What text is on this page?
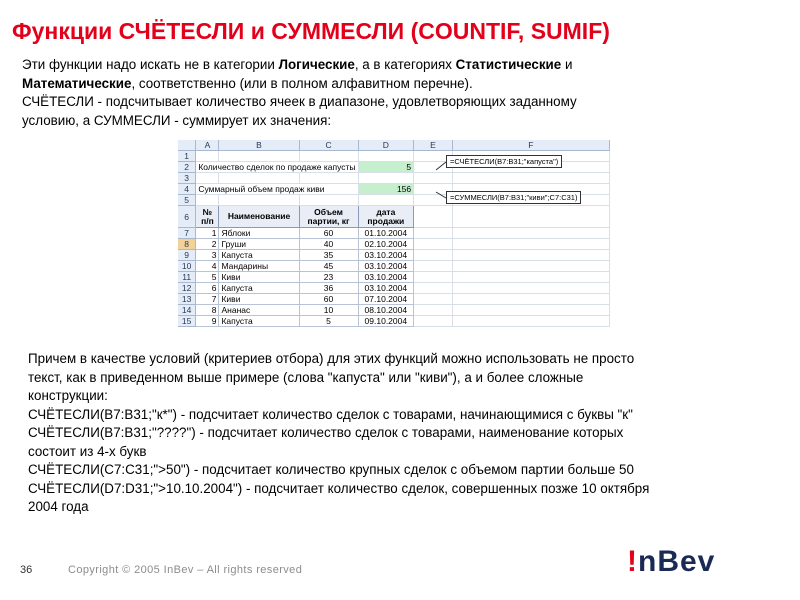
Функции СЧЁТЕСЛИ и СУММЕСЛИ (COUNTIF, SUMIF)

Эти функции надо искать не в категории Логические, а в категориях Статистические и

Математические, соответственно (или в полном алфавитном перечне).

СЧЁТЕСЛИ - подсчитывает количество ячеек в диапазоне, удовлетворяющих заданному

условию, а СУММЕСЛИ - суммирует их значения:

	A	B	C	D	E	F
1						
2	Количество сделок по продаже капусты			5		
3						
4	Суммарный объем продаж киви			156		
5						
6	№ п/п	Наименование	Объем партии, кг	дата продажи		
7	1	Яблоки	60	01.10.2004		
8	2	Груши	40	02.10.2004		
9	3	Капуста	35	03.10.2004		
10	4	Мандарины	45	03.10.2004		
11	5	Киви	23	03.10.2004		
12	6	Капуста	36	03.10.2004		
13	7	Киви	60	07.10.2004		
14	8	Ананас	10	08.10.2004		
15	9	Капуста	5	09.10.2004		
=СЧЁТЕСЛИ(B7:B31;"капуста")
=СУММЕСЛИ(B7:B31;"киви";C7:C31)

Причем в качестве условий (критериев отбора) для этих функций можно использовать не просто

текст, как в приведенном выше примере (слова "капуста" или "киви"), а и более сложные

конструкции:

СЧЁТЕСЛИ(B7:B31;"к*") - подсчитает количество сделок с товарами, начинающимися с буквы "к"

СЧЁТЕСЛИ(B7:B31;"????") - подсчитает количество сделок с товарами, наименование которых

состоит из 4-х букв

СЧЁТЕСЛИ(C7:C31;">50") - подсчитает количество крупных сделок с объемом партии больше 50

СЧЁТЕСЛИ(D7:D31;">10.10.2004") - подсчитает количество сделок, совершенных позже 10 октября

2004 года

36	Copyright © 2005 InBev – All rights reserved	!nBev
